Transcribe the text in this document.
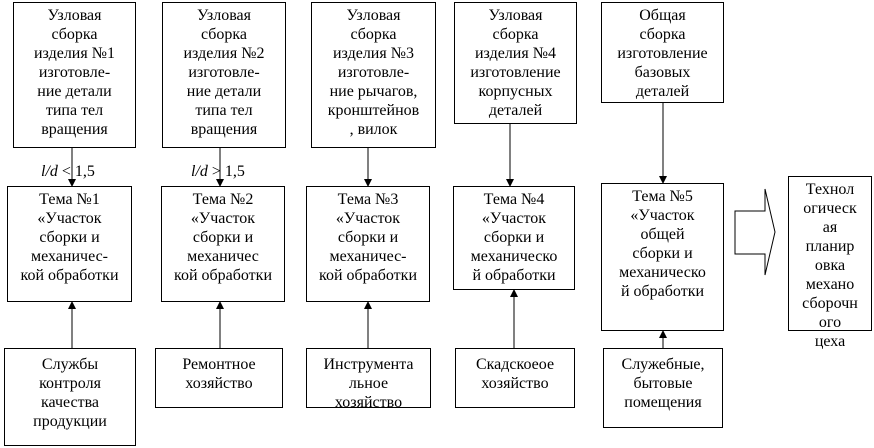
Узловая
сборка
изделия №1
изготовле-
ние детали
типа тел
вращения
Узловая
сборка
изделия №2
изготовле-
ние детали
типа тел
вращения
Узловая
сборка
изделия №3
изготовле-
ние рычагов,
кронштейнов
, вилок
Узловая
сборка
изделия №4
изготовление
корпусных
деталей
Общая
сборка
изготовление
базовых
деталей
l/d < 1,5	l/d > 1,5
Тема №1
«Участок
сборки и
механичес-
кой обработки
Тема №2
«Участок
сборки и
механичес
кой обработки
Тема №3
«Участок
сборки и
механичес-
кой обработки
Тема №4
«Участок
сборки и
механическо
й обработки
Тема №5
«Участок
общей
сборки и
механическо
й обработки
Службы
контроля
качества
продукции
Ремонтное
хозяйство
Инструмента
льное
хозяйство
Скадскоеое
хозяйство
Служебные,
бытовые
помещения
Технол
огическ
ая
планир
овка
механо
сборочн
ого
цеха
